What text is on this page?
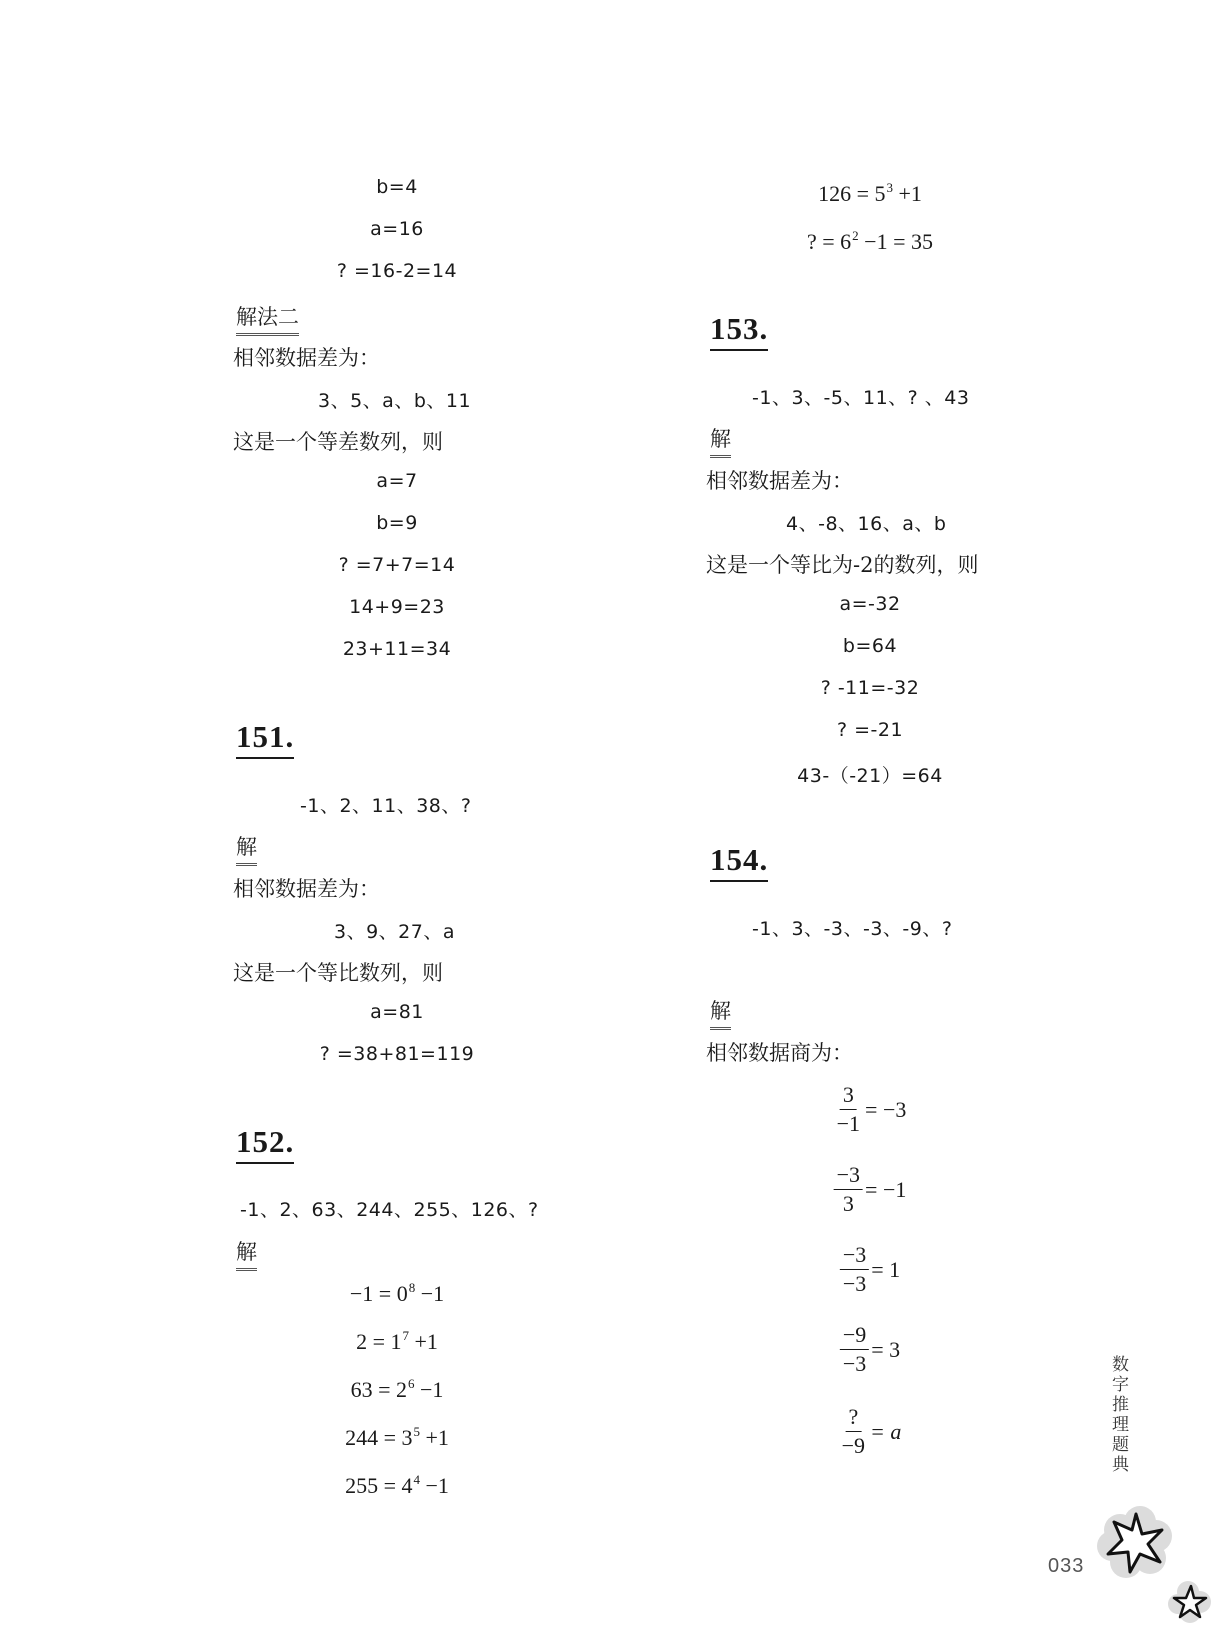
b=4
a=16
? =16-2=14
解法二
相邻数据差为：
3、5、a、b、11
这是一个等差数列，则
a=7
b=9
? =7+7=14
14+9=23
23+11=34
151.
-1、2、11、38、?
解
相邻数据差为：
3、9、27、a
这是一个等比数列，则
a=81
? =38+81=119
152.
-1、2、63、244、255、126、?
解
$-1 = 0^8 -1$
$2 = 1^7 +1$
$63 = 2^6 -1$
$244 = 3^5 +1$
$255 = 4^4 -1$
$126 = 5^3 +1$
? = $6^2 -1 = 35$
153.
-1、3、-5、11、? 、43
解
相邻数据差为：
4、-8、16、a、b
这是一个等比为-2的数列，则
a=-32
b=64
? -11=-32
? =-21
43-（-21）=64
154.
-1、3、-3、-3、-9、?
解
相邻数据商为：
$\frac{3}{-1} = -3$
$\frac{-3}{3} = -1$
$\frac{-3}{-3} = 1$
$\frac{-9}{-3} = 3$
$\frac{?}{-9} = a$	数字推理题典
033
